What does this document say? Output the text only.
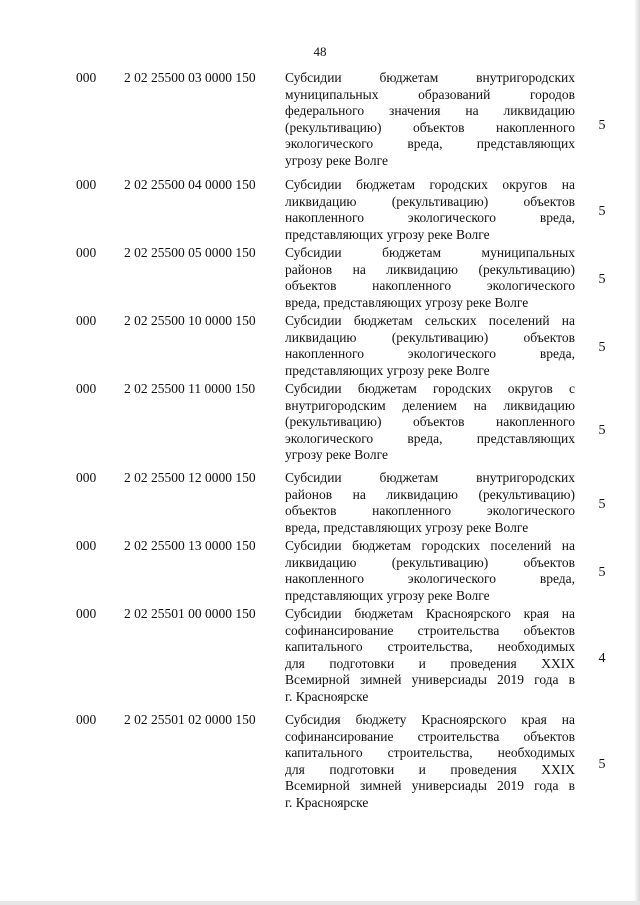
48
000	2 02 25500 03 0000 150	Субсидии бюджетам внутригородских
муниципальных образований городов
федерального значения на ликвидацию
(рекультивацию) объектов накопленного
экологического вреда, представляющих
угрозу реке Волге
5
000	2 02 25500 04 0000 150	Субсидии бюджетам городских округов на
ликвидацию (рекультивацию) объектов
накопленного экологического вреда,
представляющих угрозу реке Волге
5
000	2 02 25500 05 0000 150	Субсидии бюджетам муниципальных
районов на ликвидацию (рекультивацию)
объектов накопленного экологического
вреда, представляющих угрозу реке Волге
5
000	2 02 25500 10 0000 150	Субсидии бюджетам сельских поселений на
ликвидацию (рекультивацию) объектов
накопленного экологического вреда,
представляющих угрозу реке Волге
5
000	2 02 25500 11 0000 150	Субсидии бюджетам городских округов с
внутригородским делением на ликвидацию
(рекультивацию) объектов накопленного
экологического вреда, представляющих
угрозу реке Волге
5
000	2 02 25500 12 0000 150	Субсидии бюджетам внутригородских
районов на ликвидацию (рекультивацию)
объектов накопленного экологического
вреда, представляющих угрозу реке Волге
5
000	2 02 25500 13 0000 150	Субсидии бюджетам городских поселений на
ликвидацию (рекультивацию) объектов
накопленного экологического вреда,
представляющих угрозу реке Волге
5
000	2 02 25501 00 0000 150	Субсидии бюджетам Красноярского края на
софинансирование строительства объектов
капитального строительства, необходимых
для подготовки и проведения XXIX
Всемирной зимней универсиады 2019 года в
г. Красноярске
4
000	2 02 25501 02 0000 150	Субсидия бюджету Красноярского края на
софинансирование строительства объектов
капитального строительства, необходимых
для подготовки и проведения XXIX
Всемирной зимней универсиады 2019 года в
г. Красноярске
5
